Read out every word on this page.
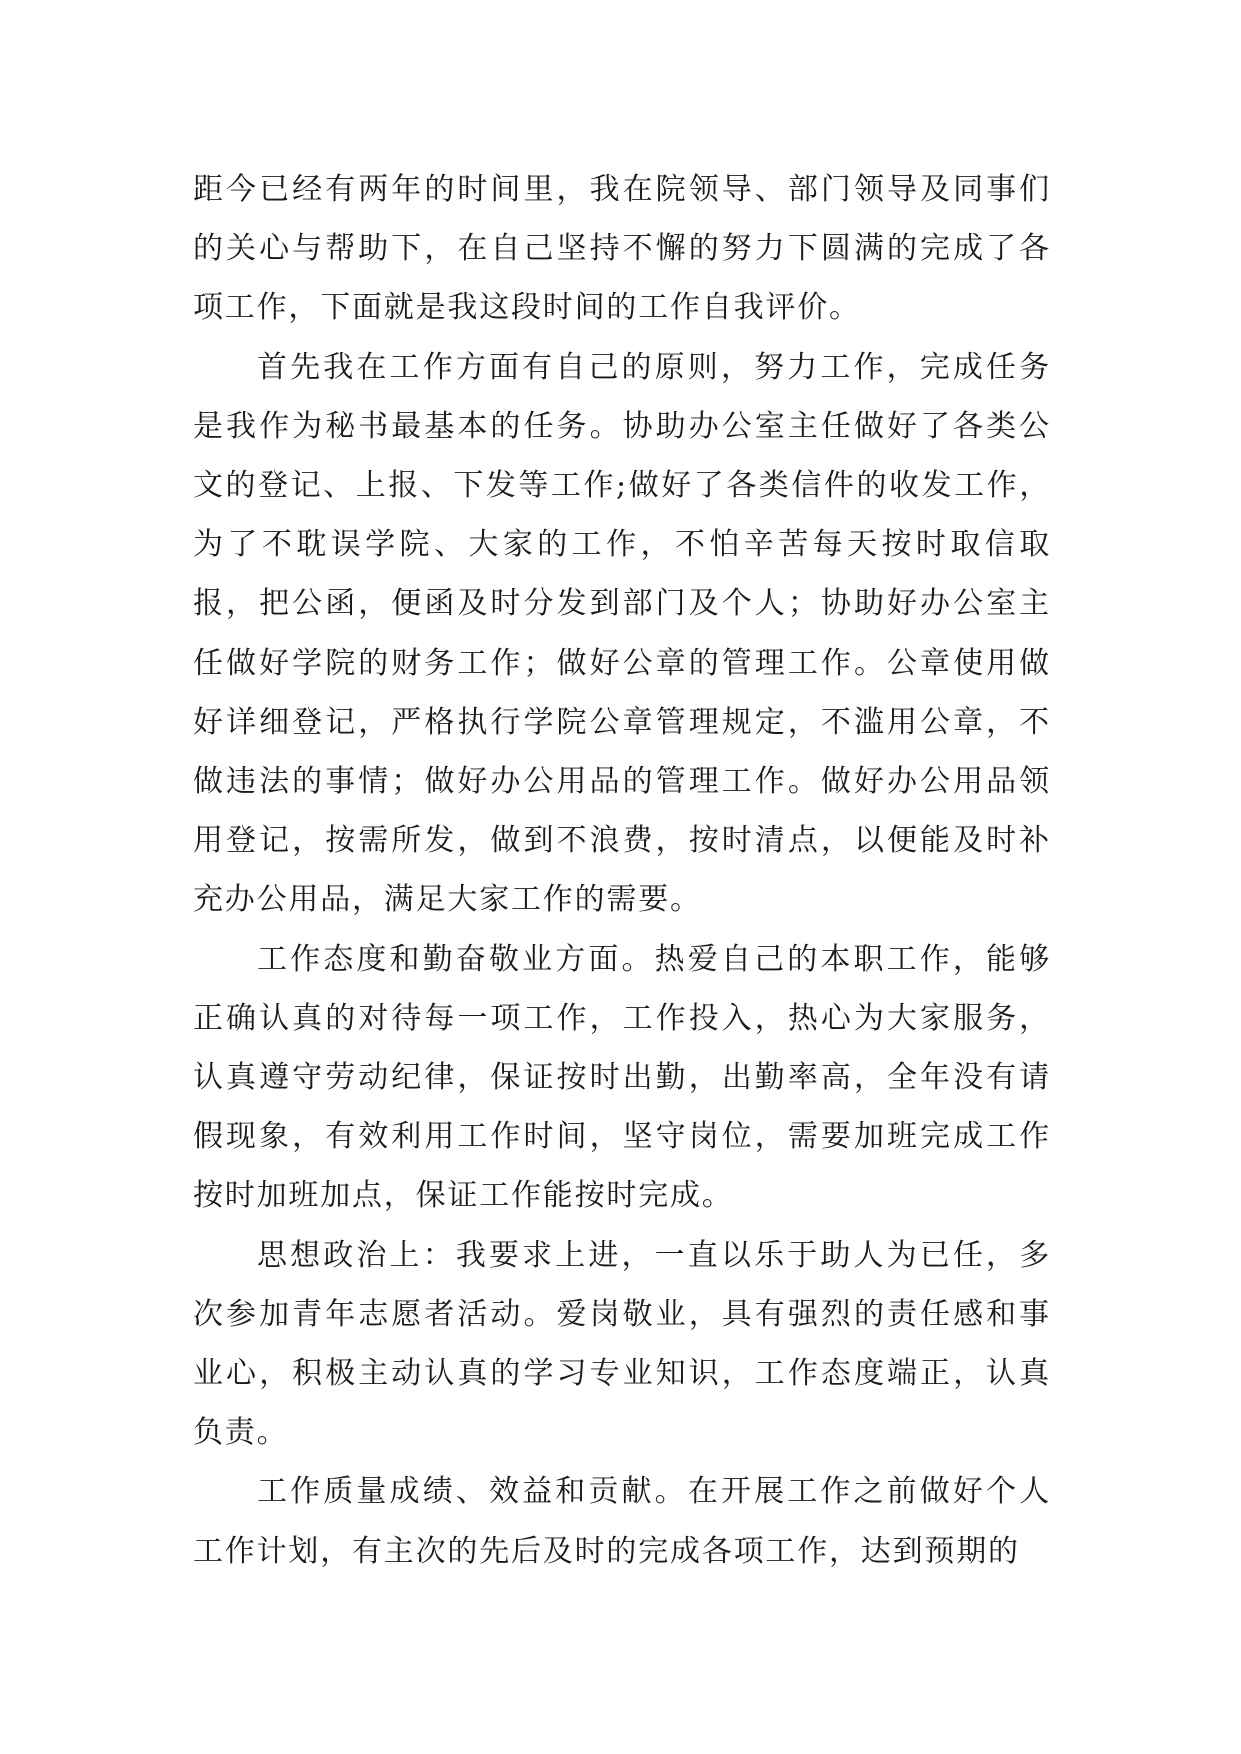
距今已经有两年的时间里，我在院领导、部门领导及同事们的关心与帮助下，在自己坚持不懈的努力下圆满的完成了各项工作，下面就是我这段时间的工作自我评价。

首先我在工作方面有自己的原则，努力工作，完成任务是我作为秘书最基本的任务。协助办公室主任做好了各类公文的登记、上报、下发等工作;做好了各类信件的收发工作，为了不耽误学院、大家的工作，不怕辛苦每天按时取信取报，把公函，便函及时分发到部门及个人；协助好办公室主任做好学院的财务工作；做好公章的管理工作。公章使用做好详细登记，严格执行学院公章管理规定，不滥用公章，不做违法的事情；做好办公用品的管理工作。做好办公用品领用登记，按需所发，做到不浪费，按时清点，以便能及时补充办公用品，满足大家工作的需要。

工作态度和勤奋敬业方面。热爱自己的本职工作，能够正确认真的对待每一项工作，工作投入，热心为大家服务，认真遵守劳动纪律，保证按时出勤，出勤率高，全年没有请假现象，有效利用工作时间，坚守岗位，需要加班完成工作按时加班加点，保证工作能按时完成。

思想政治上：我要求上进，一直以乐于助人为已任，多次参加青年志愿者活动。爱岗敬业，具有强烈的责任感和事业心，积极主动认真的学习专业知识，工作态度端正，认真负责。

工作质量成绩、效益和贡献。在开展工作之前做好个人工作计划，有主次的先后及时的完成各项工作，达到预期的
